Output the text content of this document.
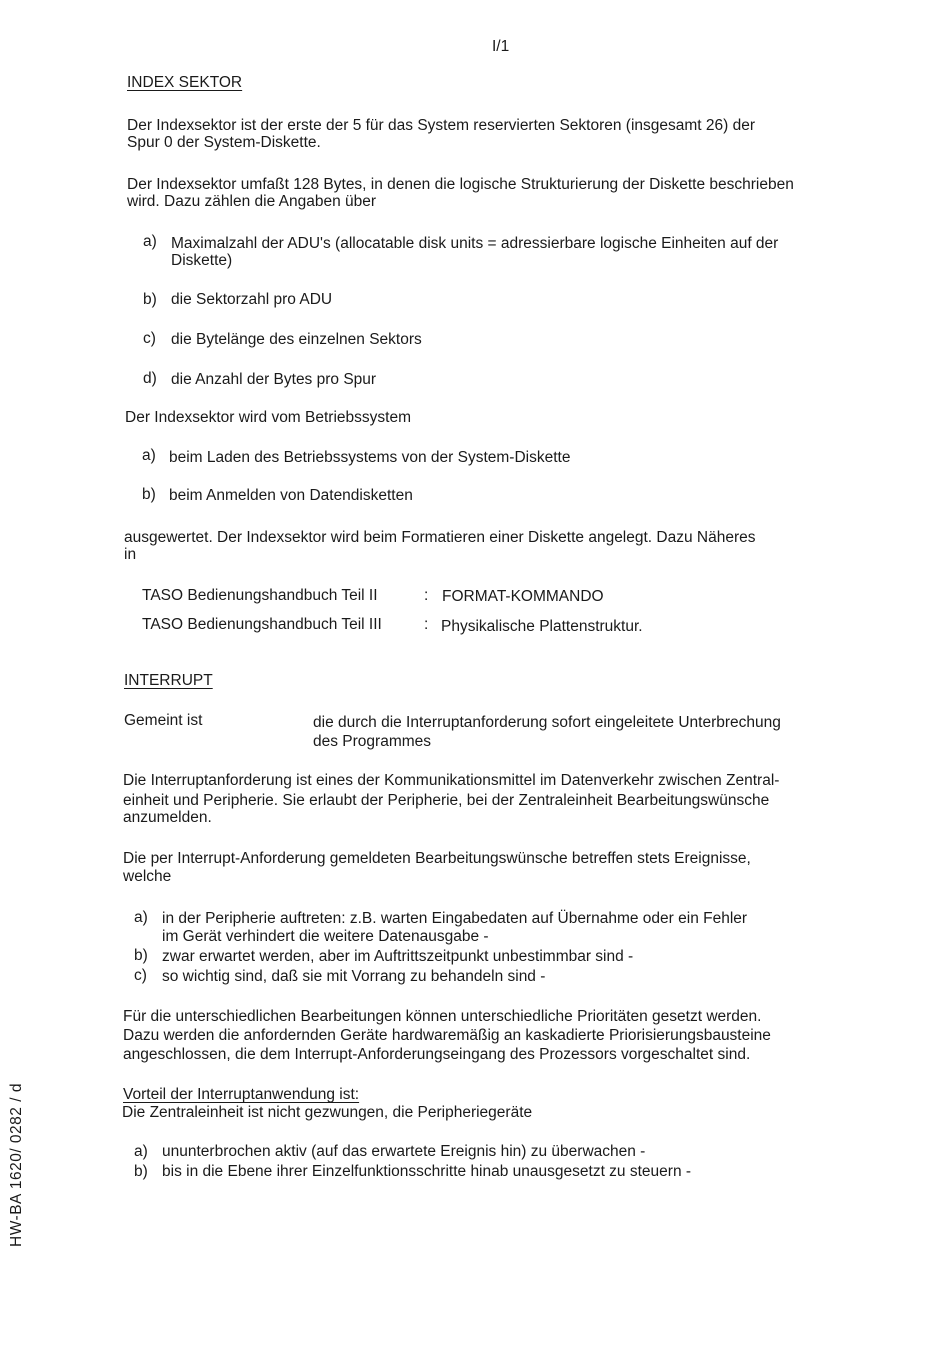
I/1
INDEX SEKTOR
Der Indexsektor ist der erste der 5 für das System reservierten Sektoren (insgesamt 26) der
Spur 0 der System-Diskette.
Der Indexsektor umfaßt 128 Bytes, in denen die logische Strukturierung der Diskette beschrieben
wird. Dazu zählen die Angaben über
a) Maximalzahl der ADU's (allocatable disk units = adressierbare logische Einheiten auf der
Diskette)
b) die Sektorzahl pro ADU
c) die Bytelänge des einzelnen Sektors
d) die Anzahl der Bytes pro Spur
Der Indexsektor wird vom Betriebssystem
a) beim Laden des Betriebssystems von der System-Diskette
b) beim Anmelden von Datendisketten
ausgewertet. Der Indexsektor wird beim Formatieren einer Diskette angelegt. Dazu Näheres
in
TASO Bedienungshandbuch Teil II	: FORMAT-KOMMANDO
TASO Bedienungshandbuch Teil III	: Physikalische Plattenstruktur.
INTERRUPT
Gemeint ist	die durch die Interruptanforderung sofort eingeleitete Unterbrechung
des Programmes
Die Interruptanforderung ist eines der Kommunikationsmittel im Datenverkehr zwischen Zentral-
einheit und Peripherie. Sie erlaubt der Peripherie, bei der Zentraleinheit Bearbeitungswünsche
anzumelden.
Die per Interrupt-Anforderung gemeldeten Bearbeitungswünsche betreffen stets Ereignisse,
welche
a) in der Peripherie auftreten: z.B. warten Eingabedaten auf Übernahme oder ein Fehler
im Gerät verhindert die weitere Datenausgabe -
b) zwar erwartet werden, aber im Auftrittszeitpunkt unbestimmbar sind -
c) so wichtig sind, daß sie mit Vorrang zu behandeln sind -
Für die unterschiedlichen Bearbeitungen können unterschiedliche Prioritäten gesetzt werden.
Dazu werden die anfordernden Geräte hardwaremäßig an kaskadierte Priorisierungsbausteine
angeschlossen, die dem Interrupt-Anforderungseingang des Prozessors vorgeschaltet sind.
Vorteil der Interruptanwendung ist:
Die Zentraleinheit ist nicht gezwungen, die Peripheriegeräte
a) ununterbrochen aktiv (auf das erwartete Ereignis hin) zu überwachen -
b) bis in die Ebene ihrer Einzelfunktionsschritte hinab unausgesetzt zu steuern -
HW-BA 1620/ 0282 / d
